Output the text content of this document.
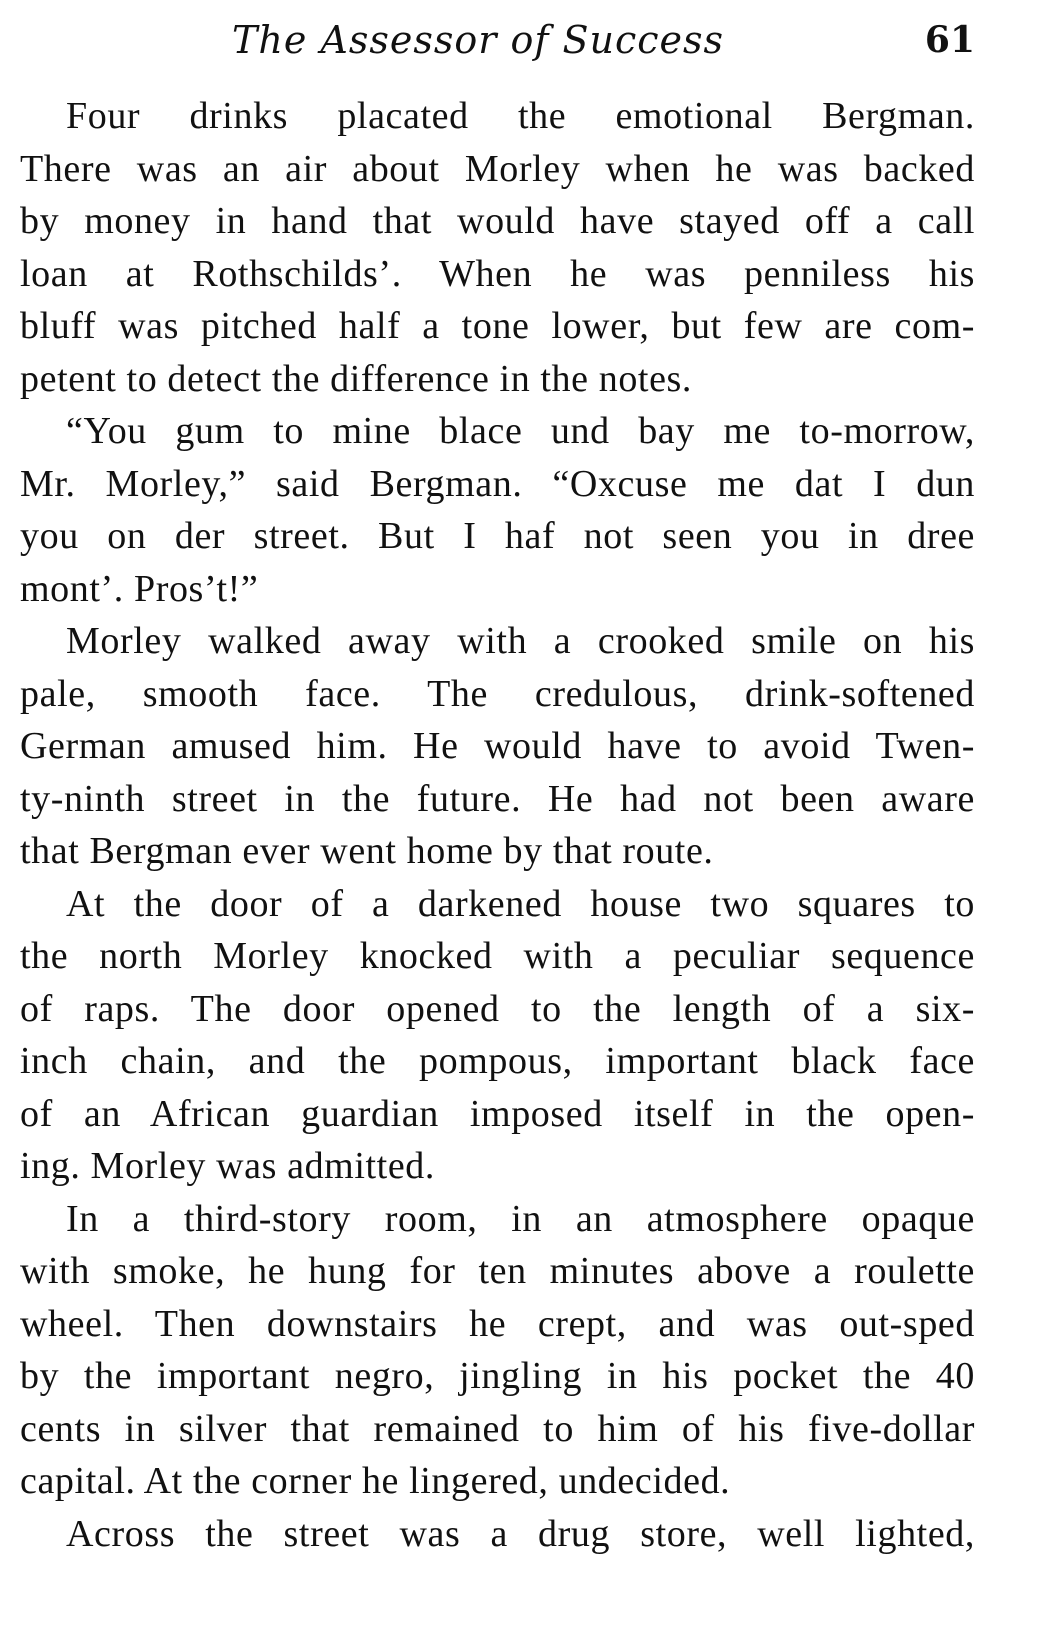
The Assessor of Success	61

Four drinks placated the emotional Bergman.
There was an air about Morley when he was backed
by money in hand that would have stayed off a call
loan at Rothschilds’. When he was penniless his
bluff was pitched half a tone lower, but few are com-
petent to detect the difference in the notes.

“You gum to mine blace und bay me to-morrow,
Mr. Morley,” said Bergman. “Oxcuse me dat I dun
you on der street. But I haf not seen you in dree
mont’. Pros’t!”

Morley walked away with a crooked smile on his
pale, smooth face. The credulous, drink-softened
German amused him. He would have to avoid Twen-
ty-ninth street in the future. He had not been aware
that Bergman ever went home by that route.

At the door of a darkened house two squares to
the north Morley knocked with a peculiar sequence
of raps. The door opened to the length of a six-
inch chain, and the pompous, important black face
of an African guardian imposed itself in the open-
ing. Morley was admitted.

In a third-story room, in an atmosphere opaque
with smoke, he hung for ten minutes above a roulette
wheel. Then downstairs he crept, and was out-sped
by the important negro, jingling in his pocket the 40
cents in silver that remained to him of his five-dollar
capital. At the corner he lingered, undecided.

Across the street was a drug store, well lighted,
